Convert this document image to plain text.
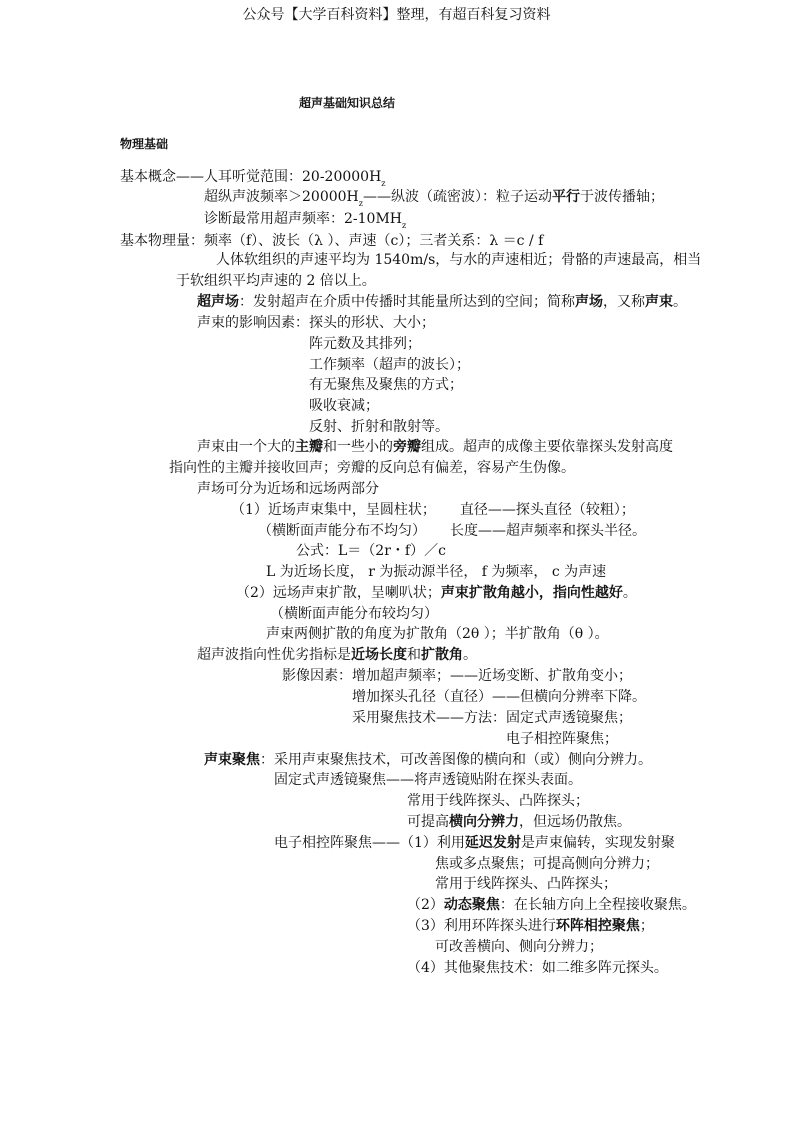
公众号【大学百科资料】整理，有超百科复习资料
超声基础知识总结
物理基础
基本概念——人耳听觉范围：$20-20000H_z$
超纵声波频率$>20000H_z——$纵波（疏密波）：粒子运动平行于波传播轴；
诊断最常用超声频率：$2-10MH_z$
基本物理量：频率（f）、波长（λ ）、声速（c）；三者关系：λ ＝c / f
人体软组织的声速平均为 1540m/s，与水的声速相近；骨骼的声速最高，相当
于软组织平均声速的 2 倍以上。
超声场：发射超声在介质中传播时其能量所达到的空间；简称声场，又称声束。
声束的影响因素：探头的形状、大小；
阵元数及其排列；
工作频率（超声的波长）；
有无聚焦及聚焦的方式；
吸收衰减；
反射、折射和散射等。
声束由一个大的主瓣和一些小的旁瓣组成。超声的成像主要依靠探头发射高度
指向性的主瓣并接收回声；旁瓣的反向总有偏差，容易产生伪像。
声场可分为近场和远场两部分
（1）近场声束集中，呈圆柱状； 直径——探头直径（较粗）；
（横断面声能分布不均匀） 长度——超声频率和探头半径。
公式：L＝（2r・f）／c
L 为近场长度， r 为振动源半径， f 为频率， c 为声速
（2）远场声束扩散，呈喇叭状；声束扩散角越小，指向性越好。
（横断面声能分布较均匀）
声束两侧扩散的角度为扩散角（2θ ）；半扩散角（θ ）。
超声波指向性优劣指标是近场长度和扩散角。
影像因素：增加超声频率；——近场变断、扩散角变小；
增加探头孔径（直径）——但横向分辨率下降。
采用聚焦技术——方法：固定式声透镜聚焦；
电子相控阵聚焦；
声束聚焦：采用声束聚焦技术，可改善图像的横向和（或）侧向分辨力。
固定式声透镜聚焦——将声透镜贴附在探头表面。
常用于线阵探头、凸阵探头；
可提高横向分辨力，但远场仍散焦。
电子相控阵聚焦——（1）利用延迟发射是声束偏转，实现发射聚
焦或多点聚焦；可提高侧向分辨力；
常用于线阵探头、凸阵探头；
（2）动态聚焦：在长轴方向上全程接收聚焦。
（3）利用环阵探头进行环阵相控聚焦；
可改善横向、侧向分辨力；
（4）其他聚焦技术：如二维多阵元探头。
